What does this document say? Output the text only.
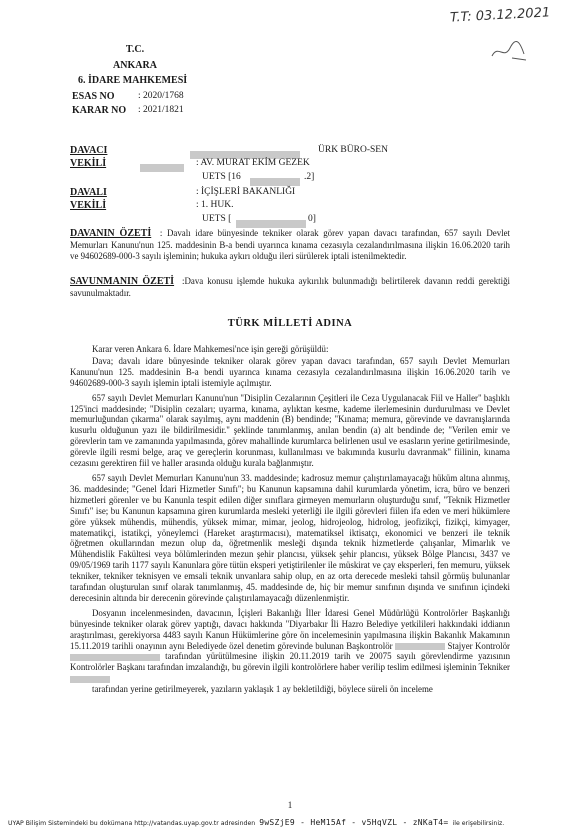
T.T: 03.12.2021
T.C.
ANKARA
6. İDARE MAHKEMESİ
ESAS NO : 2020/1768
KARAR NO : 2021/1821
DAVACI	ÜRK BÜRO-SEN
VEKİLİ	: AV. MURAT EKİM GEZEK
UETS [16	.2]
DAVALI	: İÇİŞLERİ BAKANLIĞI
VEKİLİ	: 1. HUK.
UETS [	0]
DAVANIN ÖZETİ : Davalı idare bünyesinde tekniker olarak görev yapan davacı tarafından, 657 sayılı Devlet Memurları Kanunu'nun 125. maddesinin B-a bendi uyarınca kınama cezasıyla cezalandırılmasına ilişkin 16.06.2020 tarih ve 94602689-000-3 sayılı işleminin; hukuka aykırı olduğu ileri sürülerek iptali istenilmektedir.
SAVUNMANIN ÖZETİ :Dava konusu işlemde hukuka aykırılık bulunmadığı belirtilerek davanın reddi gerektiği savunulmaktadır.
TÜRK MİLLETİ ADINA
Karar veren Ankara 6. İdare Mahkemesi'nce işin gereği görüşüldü:
Dava; davalı idare bünyesinde tekniker olarak görev yapan davacı tarafından, 657 sayılı Devlet Memurları Kanunu'nun 125. maddesinin B-a bendi uyarınca kınama cezasıyla cezalandırılmasına ilişkin 16.06.2020 tarih ve 94602689-000-3 sayılı işlemin iptali istemiyle açılmıştır.
657 sayılı Devlet Memurları Kanunu'nun "Disiplin Cezalarının Çeşitleri ile Ceza Uygulanacak Fiil ve Haller" başlıklı 125'inci maddesinde; "Disiplin cezaları; uyarma, kınama, aylıktan kesme, kademe ilerlemesinin durdurulması ve Devlet memurluğundan çıkarma" olarak sayılmış, aynı maddenin (B) bendinde; "Kınama; memura, görevinde ve davranışlarında kusurlu olduğunun yazı ile bildirilmesidir." şeklinde tanımlanmış, anılan bendin (a) alt bendinde de; "Verilen emir ve görevlerin tam ve zamanında yapılmasında, görev mahallinde kurumlarca belirlenen usul ve esasların yerine getirilmesinde, görevle ilgili resmi belge, araç ve gereçlerin korunması, kullanılması ve bakımında kusurlu davranmak" fiilinin, kınama cezasını gerektiren fiil ve haller arasında olduğu kurala bağlanmıştır.
657 sayılı Devlet Memurları Kanunu'nun 33. maddesinde; kadrosuz memur çalıştırılamayacağı hüküm altına alınmış, 36. maddesinde; "Genel İdari Hizmetler Sınıfı"; bu Kanunun kapsamına dahil kurumlarda yönetim, icra, büro ve benzeri hizmetleri görenler ve bu Kanunla tespit edilen diğer sınıflara girmeyen memurların oluşturduğu sınıf, "Teknik Hizmetler Sınıfı" ise; bu Kanunun kapsamına giren kurumlarda mesleki yeterliği ile ilgili görevleri fiilen ifa eden ve meri hükümlere göre yüksek mühendis, mühendis, yüksek mimar, mimar, jeolog, hidrojeolog, hidrolog, jeofizikçi, fizikçi, kimyager, matematikçi, istatikçi, yöneylemci (Hareket araştırmacısı), matematiksel iktisatçı, ekonomici ve benzeri ile teknik öğretmen okullarından mezun olup da, öğretmenlik mesleği dışında teknik hizmetlerde çalışanlar, Mimarlık ve Mühendislik Fakültesi veya bölümlerinden mezun şehir plancısı, yüksek şehir plancısı, yüksek Bölge Plancısı, 3437 ve 09/05/1969 tarih 1177 sayılı Kanunlara göre tütün eksperi yetiştirilenler ile müskirat ve çay eksperleri, fen memuru, yüksek tekniker, tekniker teknisyen ve emsali teknik unvanlara sahip olup, en az orta derecede mesleki tahsil görmüş bulunanlar tarafından oluşturulan sınıf olarak tanımlanmış, 45. maddesinde de, hiç bir memur sınıfının dışında ve sınıfının içindeki derecesinin altında bir derecenin görevinde çalıştırılamayacağı düzenlenmiştir.
Dosyanın incelenmesinden, davacının, İçişleri Bakanlığı İller İdaresi Genel Müdürlüğü Kontrolörler Başkanlığı bünyesinde tekniker olarak görev yaptığı, davacı hakkında "Diyarbakır İli Hazro Belediye yetkilileri hakkındaki iddianın araştırılması, gerekiyorsa 4483 sayılı Kanun Hükümlerine göre ön incelemesinin yapılmasına ilişkin Bakanlık Makamının 15.11.2019 tarihli onayının aynı Belediyede özel denetim görevinde bulunan Başkontrolör	Stajyer Kontrolör  tarafından yürütülmesine ilişkin 20.11.2019 tarih ve 20075 sayılı görevlendirme yazısının Kontrolörler Başkanı tarafından imzalandığı, bu görevin ilgili kontrolörlere haber verilip teslim edilmesi işleminin Tekniker
tarafından yerine getirilmeyerek, yazıların yaklaşık 1 ay bekletildiği, böylece süreli ön inceleme
1
UYAP Bilişim Sistemindeki bu dokümana http://vatandas.uyap.gov.tr adresinden 9wSZjE9 - HeM15Af - v5HqVZL - zNKaT4= ile erişebilirsiniz.
